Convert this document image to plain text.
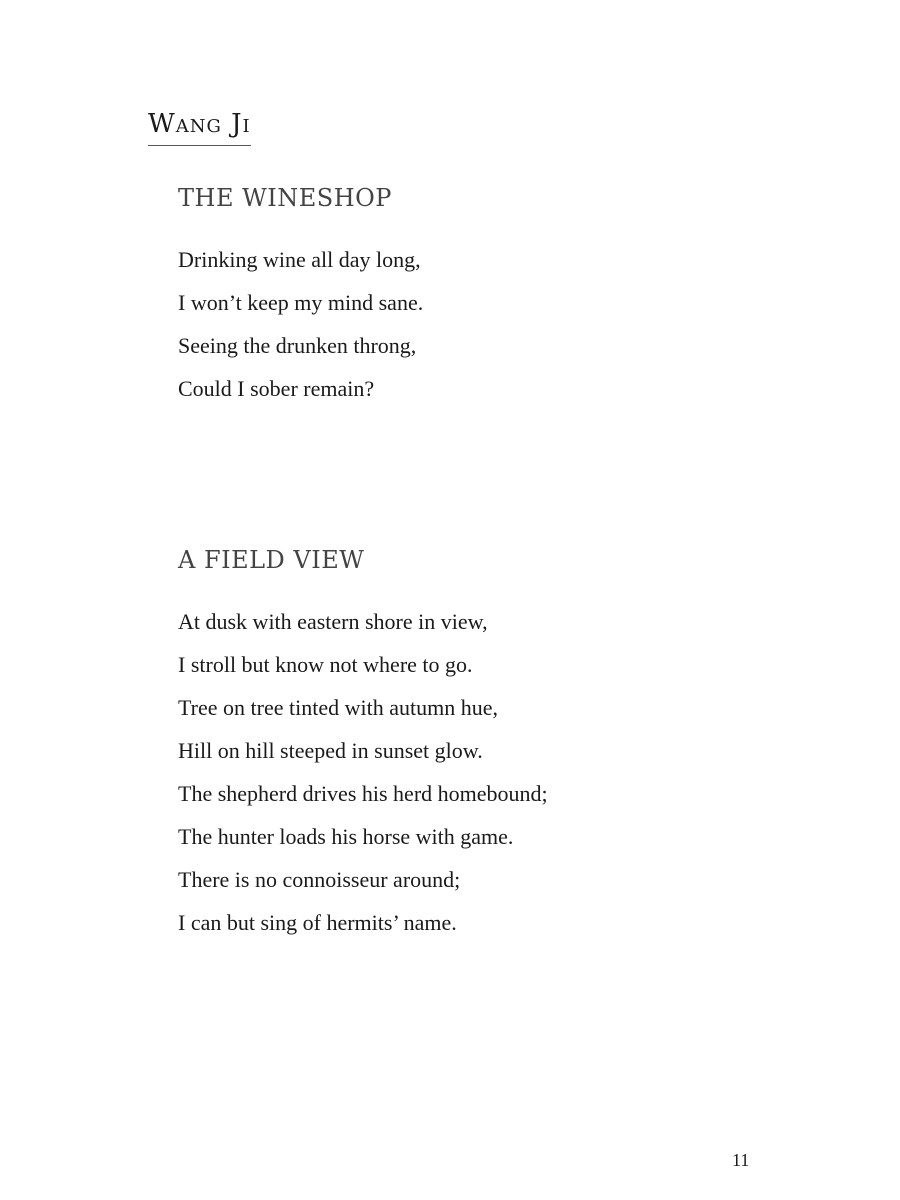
Wang Ji
THE WINESHOP
Drinking wine all day long,
I won’t keep my mind sane.
Seeing the drunken throng,
Could I sober remain?
A FIELD VIEW
At dusk with eastern shore in view,
I stroll but know not where to go.
Tree on tree tinted with autumn hue,
Hill on hill steeped in sunset glow.
The shepherd drives his herd homebound;
The hunter loads his horse with game.
There is no connoisseur around;
I can but sing of hermits’ name.
11
